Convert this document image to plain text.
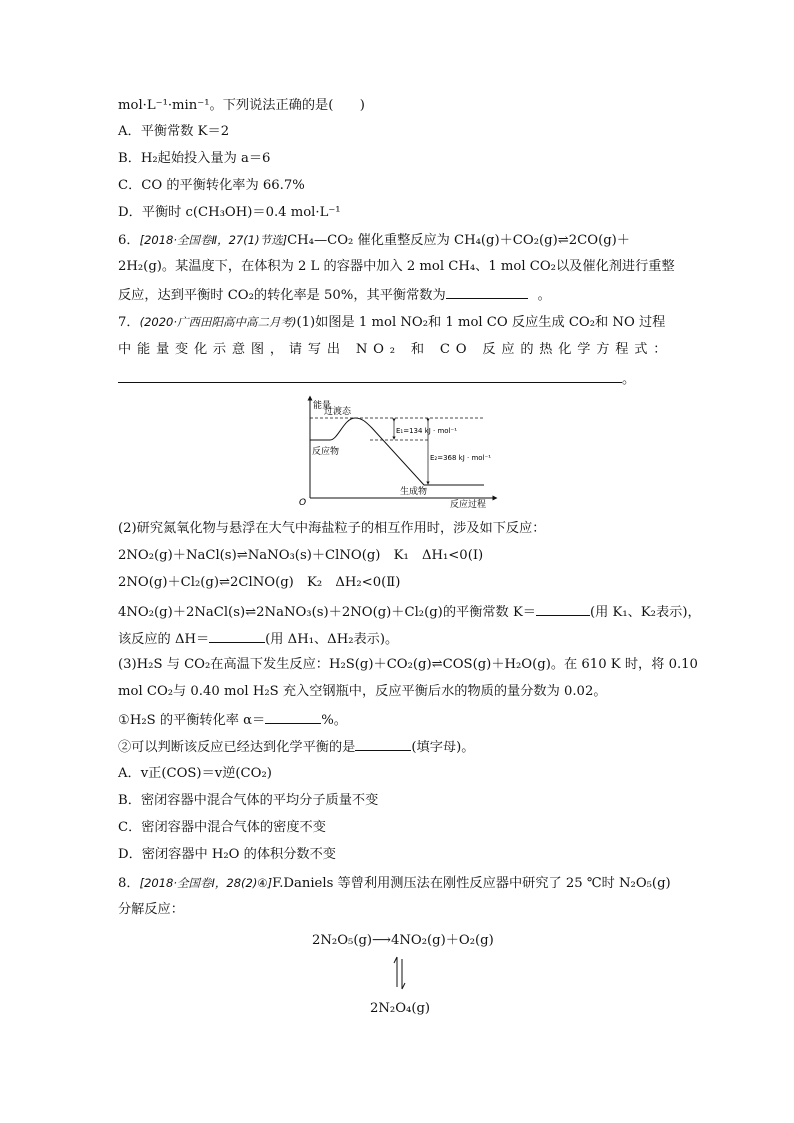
mol·L⁻¹·min⁻¹。下列说法正确的是(　　)
A．平衡常数 K＝2
B．H₂起始投入量为 a＝6
C．CO 的平衡转化率为 66.7%
D．平衡时 c(CH₃OH)＝0.4 mol·L⁻¹
6．[2018·全国卷Ⅱ，27(1)节选]CH₄—CO₂ 催化重整反应为 CH₄(g)＋CO₂(g)⇌2CO(g)＋
2H₂(g)。某温度下，在体积为 2 L 的容器中加入 2 mol CH₄、1 mol CO₂以及催化剂进行重整
反应，达到平衡时 CO₂的转化率是 50%，其平衡常数为	。
7．(2020·广西田阳高中高二月考)(1)如图是 1 mol NO₂和 1 mol CO 反应生成 CO₂和 NO 过程
中能量变化示意图，请写出 NO₂ 和 CO 反应的热化学方程式：
。
能量
O	反应过程
过渡态
反应物
生成物
E₁=134 kJ · mol⁻¹
E₂=368 kJ · mol⁻¹
(2)研究氮氧化物与悬浮在大气中海盐粒子的相互作用时，涉及如下反应：
2NO₂(g)＋NaCl(s)⇌NaNO₃(s)＋ClNO(g)　K₁　ΔH₁<0(Ⅰ)
2NO(g)＋Cl₂(g)⇌2ClNO(g)　K₂　ΔH₂<0(Ⅱ)
4NO₂(g)＋2NaCl(s)⇌2NaNO₃(s)＋2NO(g)＋Cl₂(g)的平衡常数 K＝	(用 K₁、K₂表示)，
该反应的 ΔH＝	(用 ΔH₁、ΔH₂表示)。
(3)H₂S 与 CO₂在高温下发生反应：H₂S(g)＋CO₂(g)⇌COS(g)＋H₂O(g)。在 610 K 时，将 0.10
mol CO₂与 0.40 mol H₂S 充入空钢瓶中，反应平衡后水的物质的量分数为 0.02。
①H₂S 的平衡转化率 α＝	%。
②可以判断该反应已经达到化学平衡的是	(填字母)。
A．v正(COS)＝v逆(CO₂)
B．密闭容器中混合气体的平均分子质量不变
C．密闭容器中混合气体的密度不变
D．密闭容器中 H₂O 的体积分数不变
8．[2018·全国卷Ⅰ，28(2)④]F.Daniels 等曾利用测压法在刚性反应器中研究了 25 ℃时 N₂O₅(g)
分解反应：
2N₂O₅(g)⟶4NO₂(g)＋O₂(g)
2N₂O₄(g)
